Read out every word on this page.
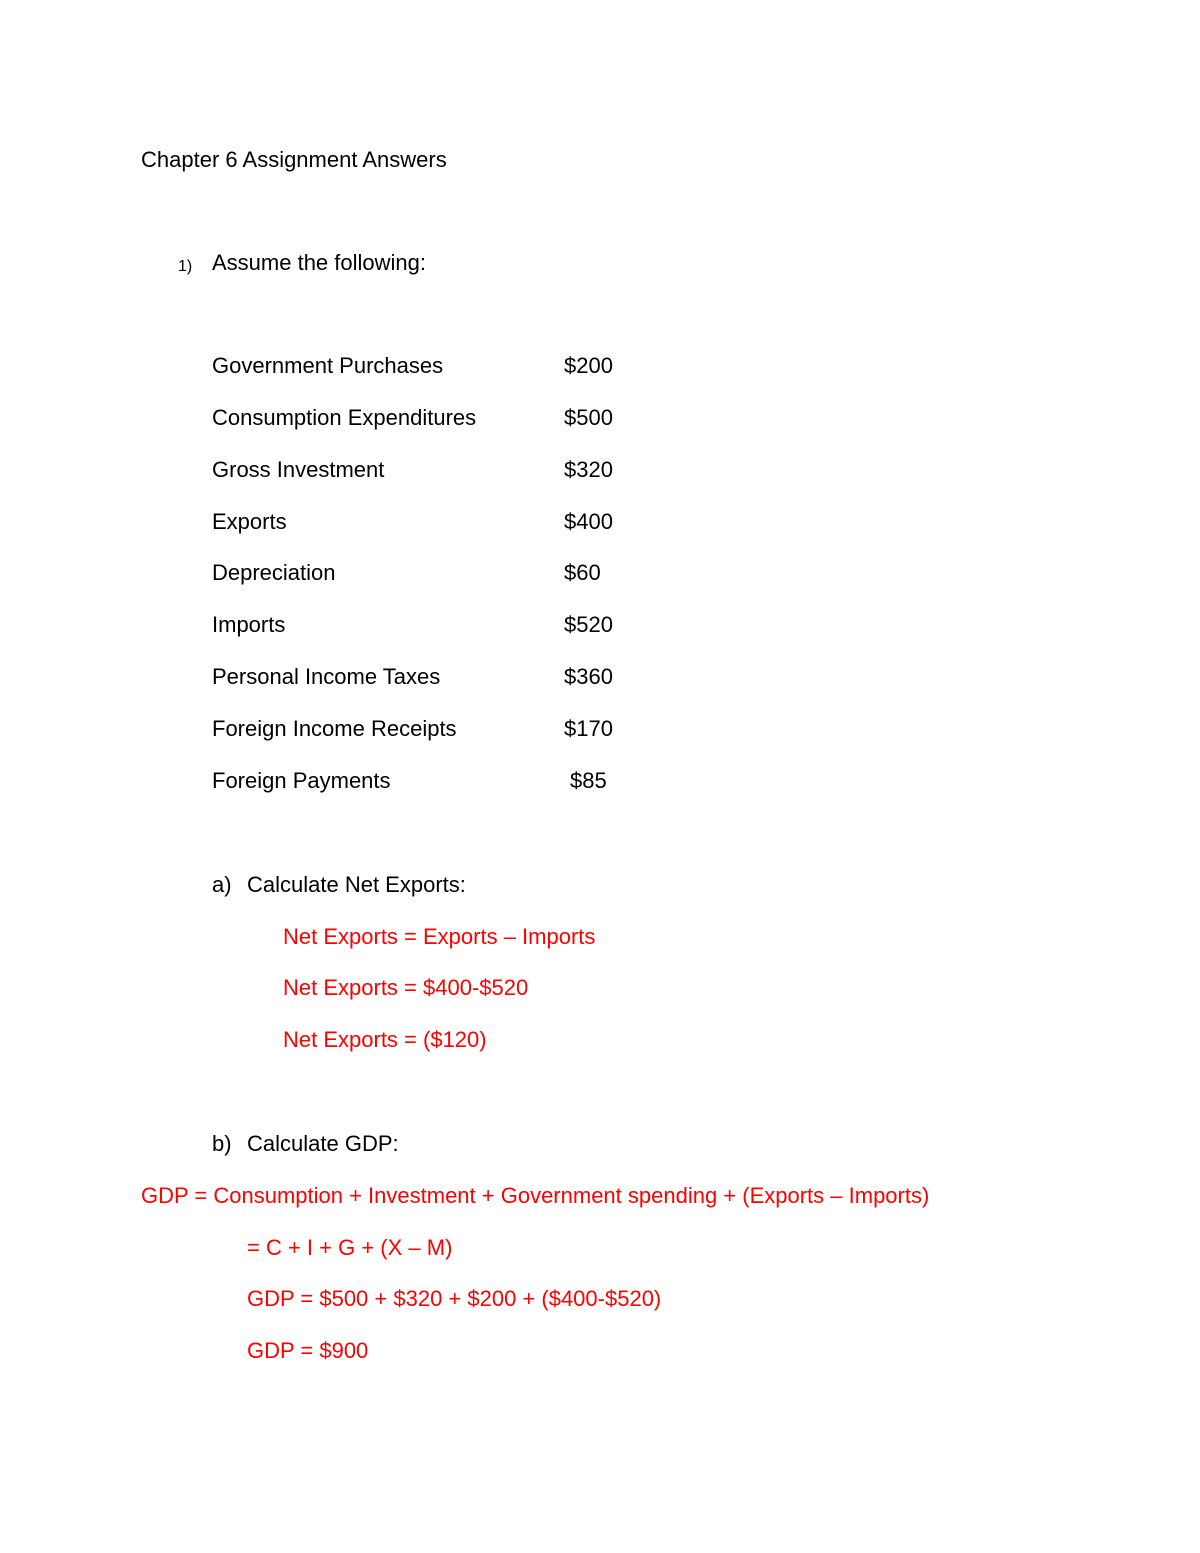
Chapter 6 Assignment Answers
1) Assume the following:
Government Purchases	$200
Consumption Expenditures	$500
Gross Investment	$320
Exports	$400
Depreciation	$60
Imports	$520
Personal Income Taxes	$360
Foreign Income Receipts	$170
Foreign Payments	$85
a) Calculate Net Exports:
Net Exports = Exports – Imports
Net Exports = $400-$520
Net Exports = ($120)
b) Calculate GDP:
GDP = Consumption + Investment + Government spending + (Exports – Imports)
= C + I + G + (X – M)
GDP = $500 + $320 + $200 + ($400-$520)
GDP = $900
